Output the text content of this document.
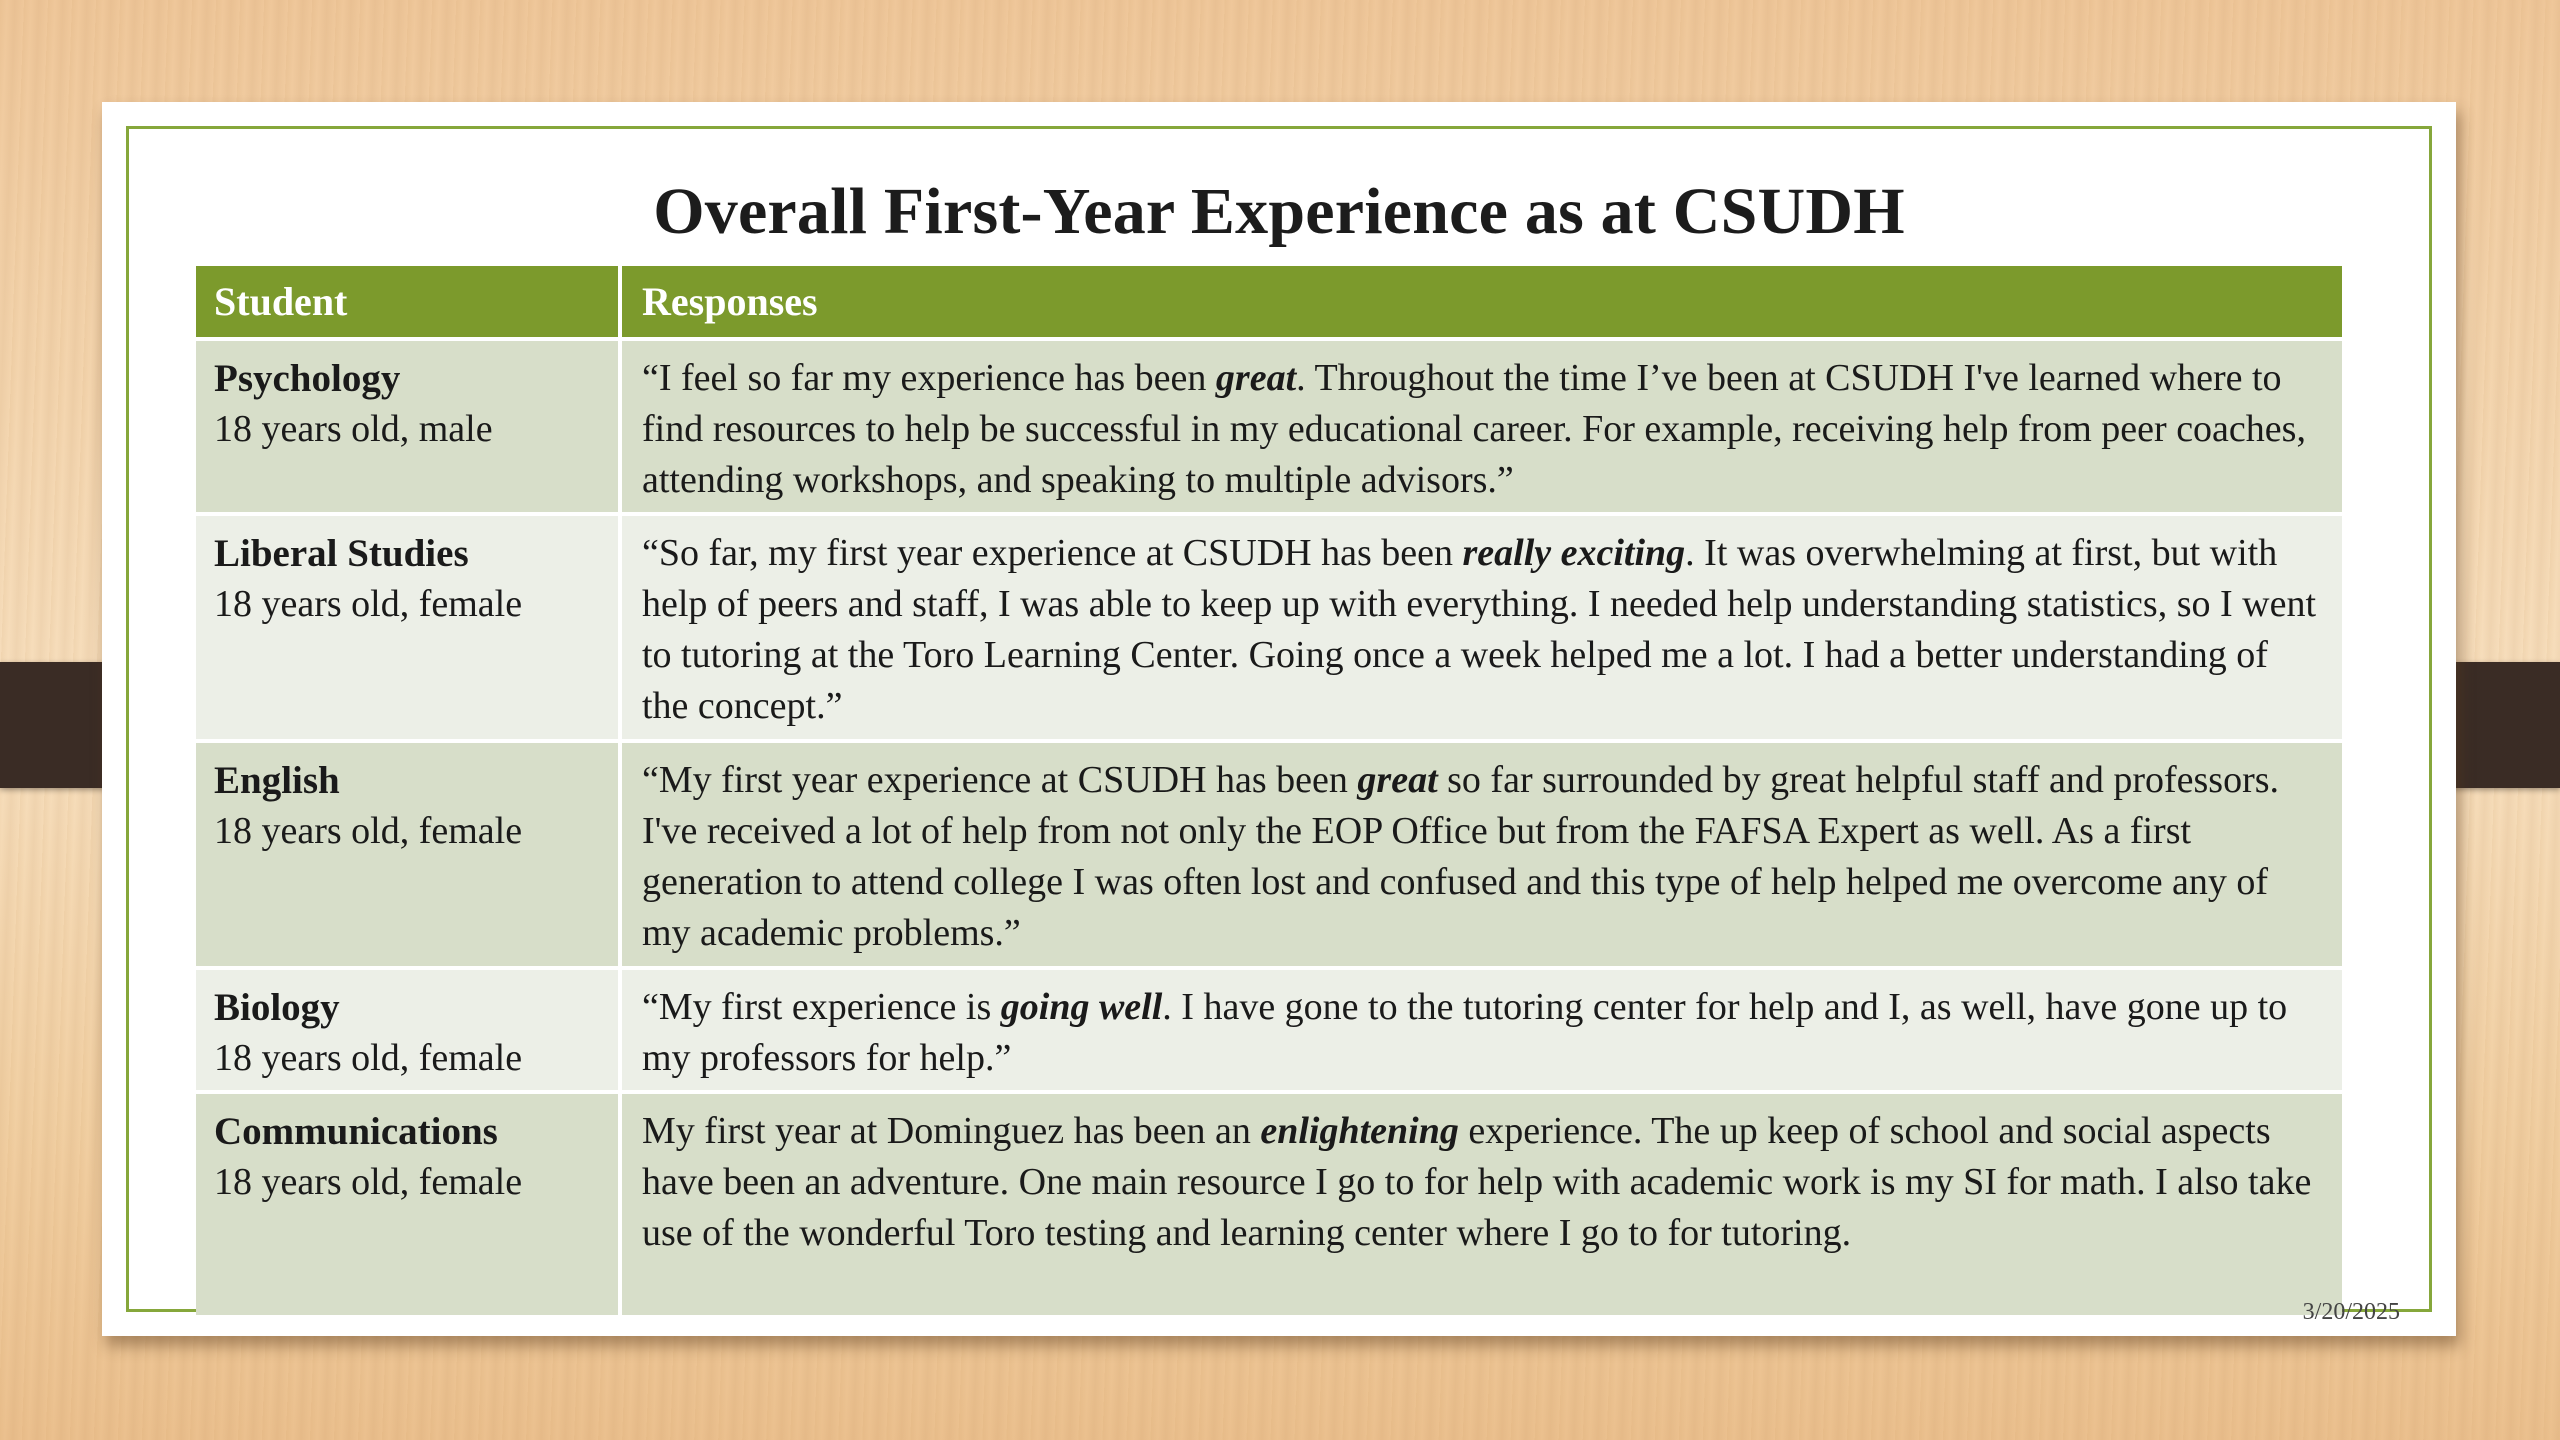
Overall First-Year Experience as at CSUDH
Student	Responses
Psychology
18 years old, male
“I feel so far my experience has been great. Throughout the time I’ve been at CSUDH I've learned where to find resources to help be successful in my educational career. For example, receiving help from peer coaches, attending workshops, and speaking to multiple advisors.”
Liberal Studies
18 years old, female
“So far, my first year experience at CSUDH has been really exciting. It was overwhelming at first, but with help of peers and staff, I was able to keep up with everything. I needed help understanding statistics, so I went to tutoring at the Toro Learning Center. Going once a week helped me a lot. I had a better understanding of the concept.”
English
18 years old, female
“My first year experience at CSUDH has been great so far surrounded by great helpful staff and professors. I've received a lot of help from not only the EOP Office but from the FAFSA Expert as well. As a first generation to attend college I was often lost and confused and this type of help helped me overcome any of my academic problems.”
Biology
18 years old, female
“My first experience is going well. I have gone to the tutoring center for help and I, as well, have gone up to my professors for help.”
Communications
18 years old, female
My first year at Dominguez has been an enlightening experience. The up keep of school and social aspects have been an adventure. One main resource I go to for help with academic work is my SI for math. I also take use of the wonderful Toro testing and learning center where I go to for tutoring.
3/20/2025
